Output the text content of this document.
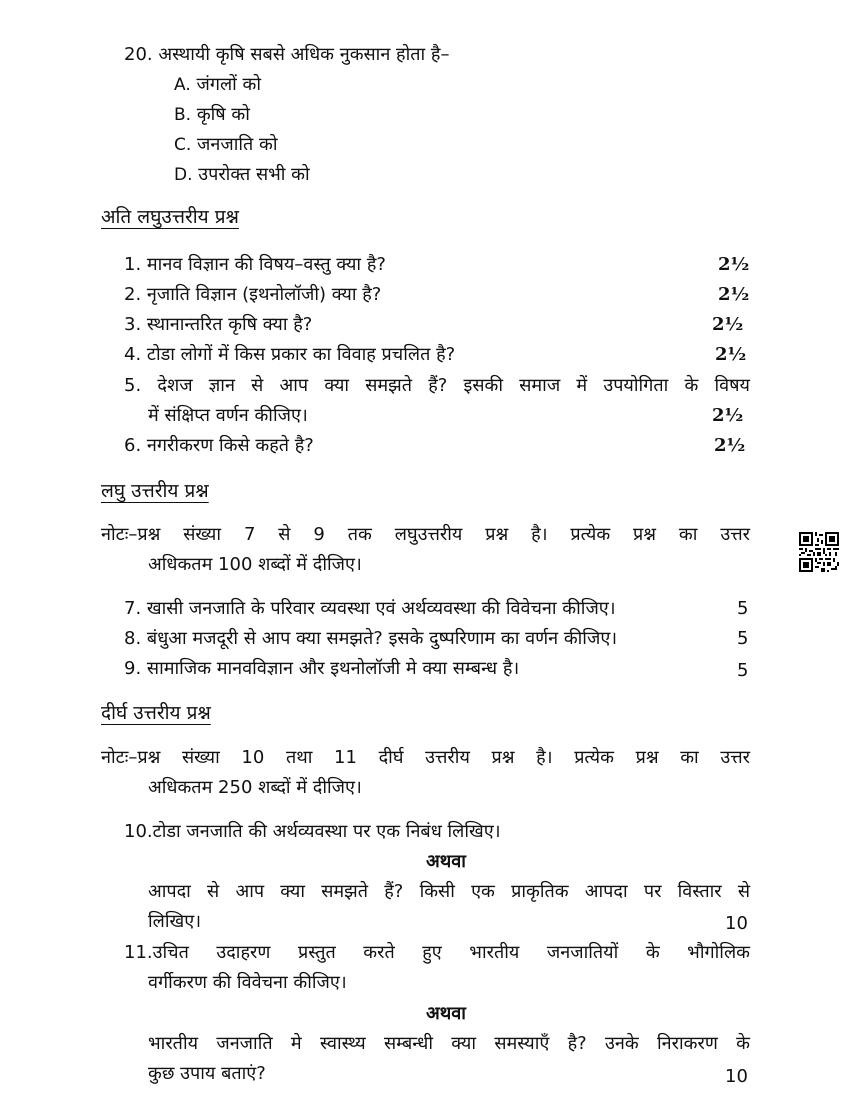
20. अस्थायी कृषि सबसे अधिक नुकसान होता है–
A. जंगलों को
B. कृषि को
C. जनजाति को
D. उपरोक्त सभी को
अति लघुउत्तरीय प्रश्न
1. मानव विज्ञान की विषय–वस्तु क्या है?	2½
2. नृजाति विज्ञान (इथनोलॉजी) क्या है?	2½
3. स्थानान्तरित कृषि क्या है?	2½
4. टोडा लोगों में किस प्रकार का विवाह प्रचलित है?	2½
5. देशज ज्ञान से आप क्या समझते हैं? इसकी समाज में उपयोगिता के विषय
में संक्षिप्त वर्णन कीजिए।	2½
6. नगरीकरण किसे कहते है?	2½
लघु उत्तरीय प्रश्न
नोटः–प्रश्न संख्या 7 से 9 तक लघुउत्तरीय प्रश्न है। प्रत्येक प्रश्न का उत्तर
अधिकतम 100 शब्दों में दीजिए।
7. खासी जनजाति के परिवार व्यवस्था एवं अर्थव्यवस्था की विवेचना कीजिए।	5
8. बंधुआ मजदूरी से आप क्या समझते? इसके दुष्परिणाम का वर्णन कीजिए।	5
9. सामाजिक मानवविज्ञान और इथनोलॉजी मे क्या सम्बन्ध है।	5
दीर्घ उत्तरीय प्रश्न
नोटः–प्रश्न संख्या 10 तथा 11 दीर्घ उत्तरीय प्रश्न है। प्रत्येक प्रश्न का उत्तर
अधिकतम 250 शब्दों में दीजिए।
10.टोडा जनजाति की अर्थव्यवस्था पर एक निबंध लिखिए।
अथवा
आपदा से आप क्या समझते हैं? किसी एक प्राकृतिक आपदा पर विस्तार से
लिखिए।	10
11.उचित उदाहरण प्रस्तुत करते हुए भारतीय जनजातियों के भौगोलिक
वर्गीकरण की विवेचना कीजिए।
अथवा
भारतीय जनजाति मे स्वास्थ्य सम्बन्धी क्या समस्याएँ है? उनके निराकरण के
कुछ उपाय बताएं?	10
